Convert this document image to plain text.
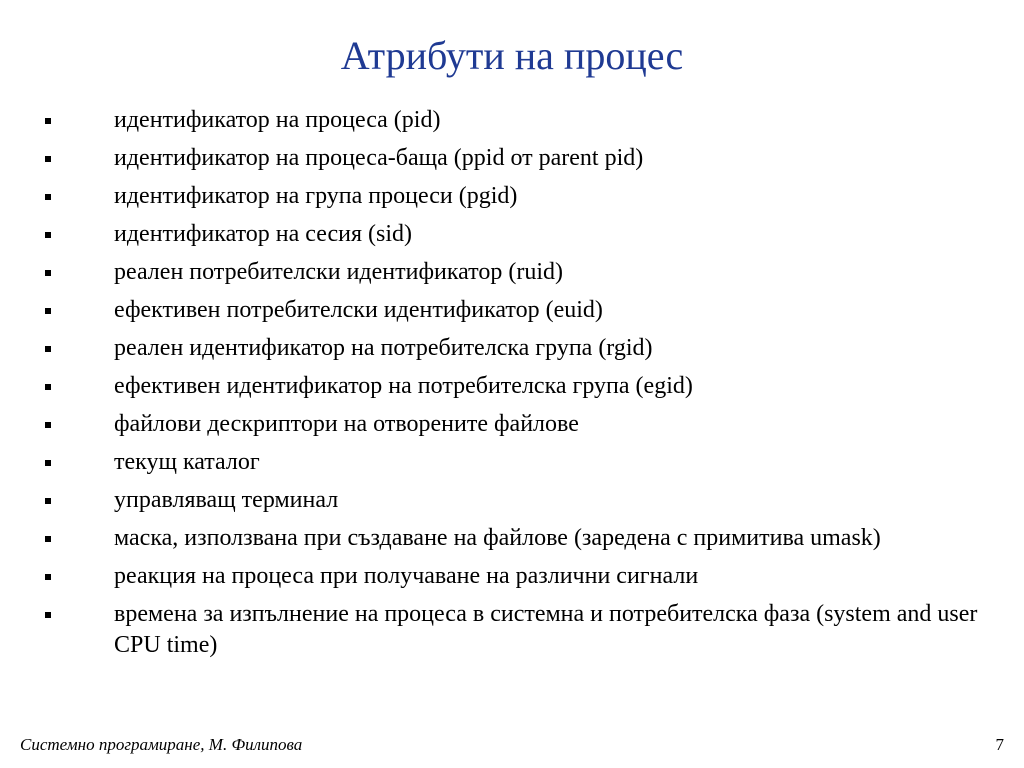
Атрибути на процес
идентификатор на процеса (pid)
идентификатор на процеса-баща (ppid от parent pid)
идентификатор на група процеси (pgid)
идентификатор на сесия (sid)
реален потребителски идентификатор (ruid)
ефективен потребителски идентификатор (euid)
реален идентификатор на потребителска група (rgid)
ефективен идентификатор на потребителска група (egid)
файлови дескриптори на отворените файлове
текущ каталог
управляващ терминал
маска, използвана при създаване на файлове (заредена с примитива umask)
реакция на процеса при получаване на различни сигнали
времена за изпълнение на процеса в системна и потребителска фаза (system and user CPU time)
Системно програмиране, М. Филипова	7
